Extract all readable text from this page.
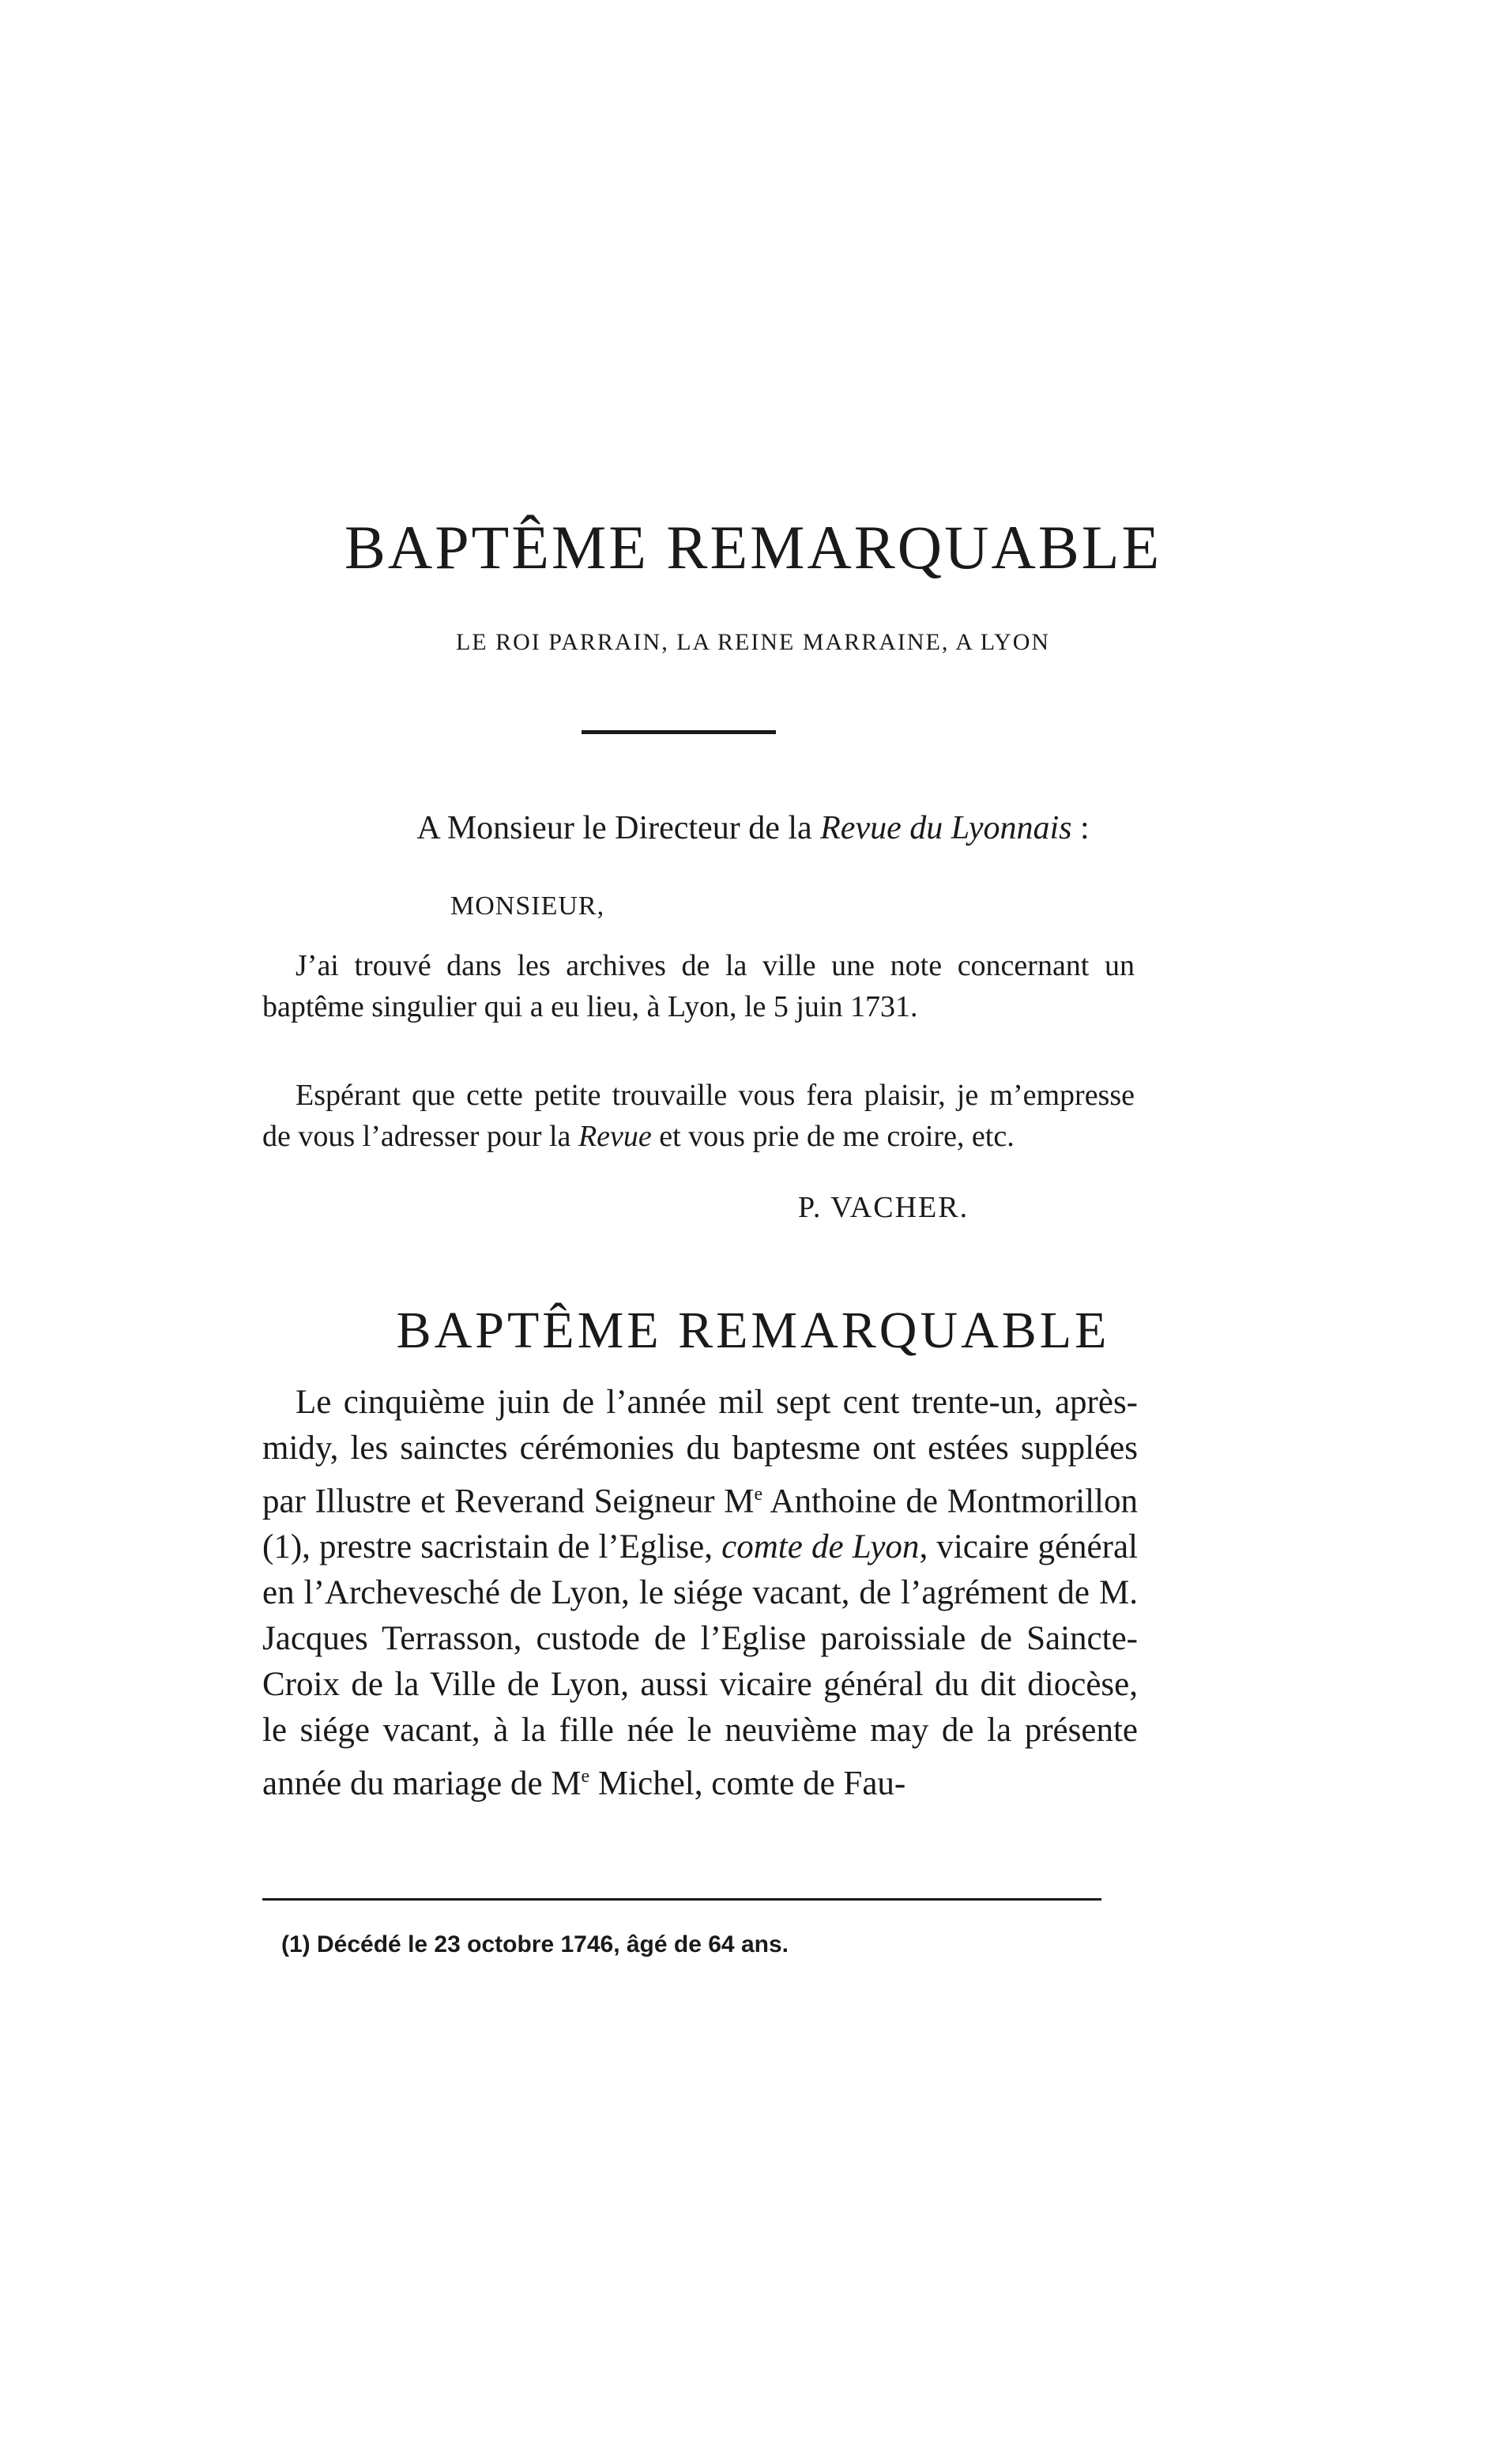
BAPTÊME REMARQUABLE
LE ROI PARRAIN, LA REINE MARRAINE, A LYON
A Monsieur le Directeur de la Revue du Lyonnais :
MONSIEUR,

J’ai trouvé dans les archives de la ville une note concernant un baptême singulier qui a eu lieu, à Lyon, le 5 juin 1731.

Espérant que cette petite trouvaille vous fera plaisir, je m’empresse de vous l’adresser pour la Revue et vous prie de me croire, etc.

P. VACHER.
BAPTÊME REMARQUABLE

Le cinquième juin de l’année mil sept cent trente-un, après-midy, les sainctes cérémonies du baptesme ont estées supplées par Illustre et Reverand Seigneur Me Anthoine de Montmorillon (1), prestre sacristain de l’Eglise, comte de Lyon, vicaire général en l’Archevesché de Lyon, le siége vacant, de l’agrément de M. Jacques Terrasson, custode de l’Eglise paroissiale de Saincte-Croix de la Ville de Lyon, aussi vicaire général du dit diocèse, le siége vacant, à la fille née le neuvième may de la présente année du mariage de Me Michel, comte de Fau-

(1) Décédé le 23 octobre 1746, âgé de 64 ans.
